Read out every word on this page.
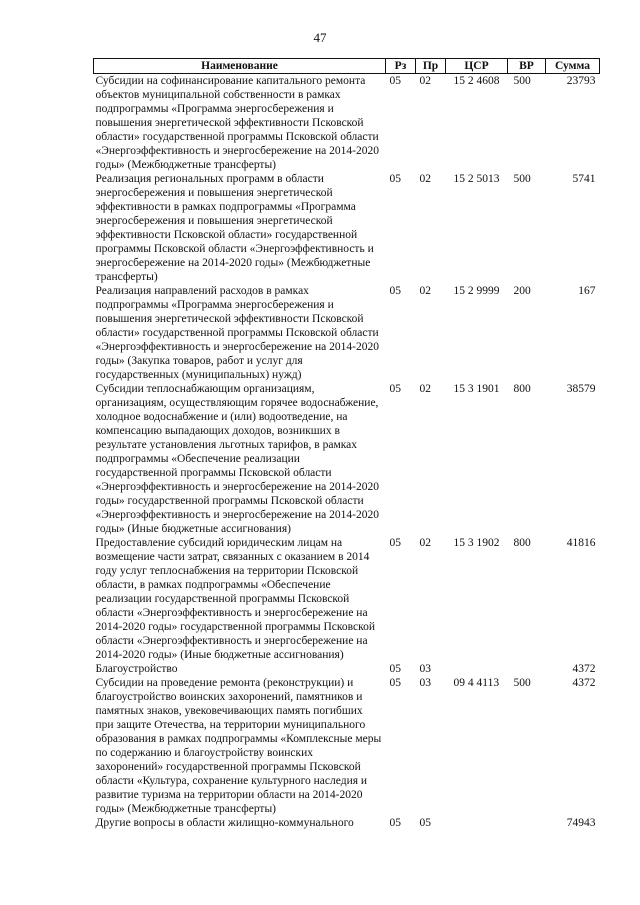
47
Наименование	Рз	Пр	ЦСР	ВР	Сумма
Субсидии на софинансирование капитального ремонта объектов муниципальной собственности в рамках подпрограммы «Программа энергосбережения и повышения энергетической эффективности Псковской области» государственной программы Псковской области «Энергоэффективность и энергосбережение на 2014-2020 годы» (Межбюджетные трансферты)	05	02	15 2 4608	500	23793
Реализация региональных программ в области энергосбережения и повышения энергетической эффективности в рамках подпрограммы «Программа энергосбережения и повышения энергетической эффективности Псковской области» государственной программы Псковской области «Энергоэффективность и энергосбережение на 2014-2020 годы» (Межбюджетные трансферты)	05	02	15 2 5013	500	5741
Реализация направлений расходов в рамках подпрограммы «Программа энергосбережения и повышения энергетической эффективности Псковской области» государственной программы Псковской области «Энергоэффективность и энергосбережение на 2014-2020 годы» (Закупка товаров, работ и услуг для государственных (муниципальных) нужд)	05	02	15 2 9999	200	167
Субсидии теплоснабжающим организациям, организациям, осуществляющим горячее водоснабжение, холодное водоснабжение и (или) водоотведение, на компенсацию выпадающих доходов, возникших в результате установления льготных тарифов, в рамках подпрограммы «Обеспечение реализации государственной программы Псковской области «Энергоэффективность и энергосбережение на 2014-2020 годы» государственной программы Псковской области «Энергоэффективность и энергосбережение на 2014-2020 годы» (Иные бюджетные ассигнования)	05	02	15 3 1901	800	38579
Предоставление субсидий юридическим лицам на возмещение части затрат, связанных с оказанием в 2014 году услуг теплоснабжения на территории Псковской области, в рамках подпрограммы «Обеспечение реализации государственной программы Псковской области «Энергоэффективность и энергосбережение на 2014-2020 годы» государственной программы Псковской области «Энергоэффективность и энергосбережение на 2014-2020 годы» (Иные бюджетные ассигнования)	05	02	15 3 1902	800	41816
Благоустройство	05	03			4372
Субсидии на проведение ремонта (реконструкции) и благоустройство воинских захоронений, памятников и памятных знаков, увековечивающих память погибших при защите Отечества, на территории муниципального образования в рамках подпрограммы «Комплексные меры по содержанию и благоустройству воинских захоронений» государственной программы Псковской области «Культура, сохранение культурного наследия и развитие туризма на территории области на 2014-2020 годы» (Межбюджетные трансферты)	05	03	09 4 4113	500	4372
Другие вопросы в области жилищно-коммунального	05	05			74943
